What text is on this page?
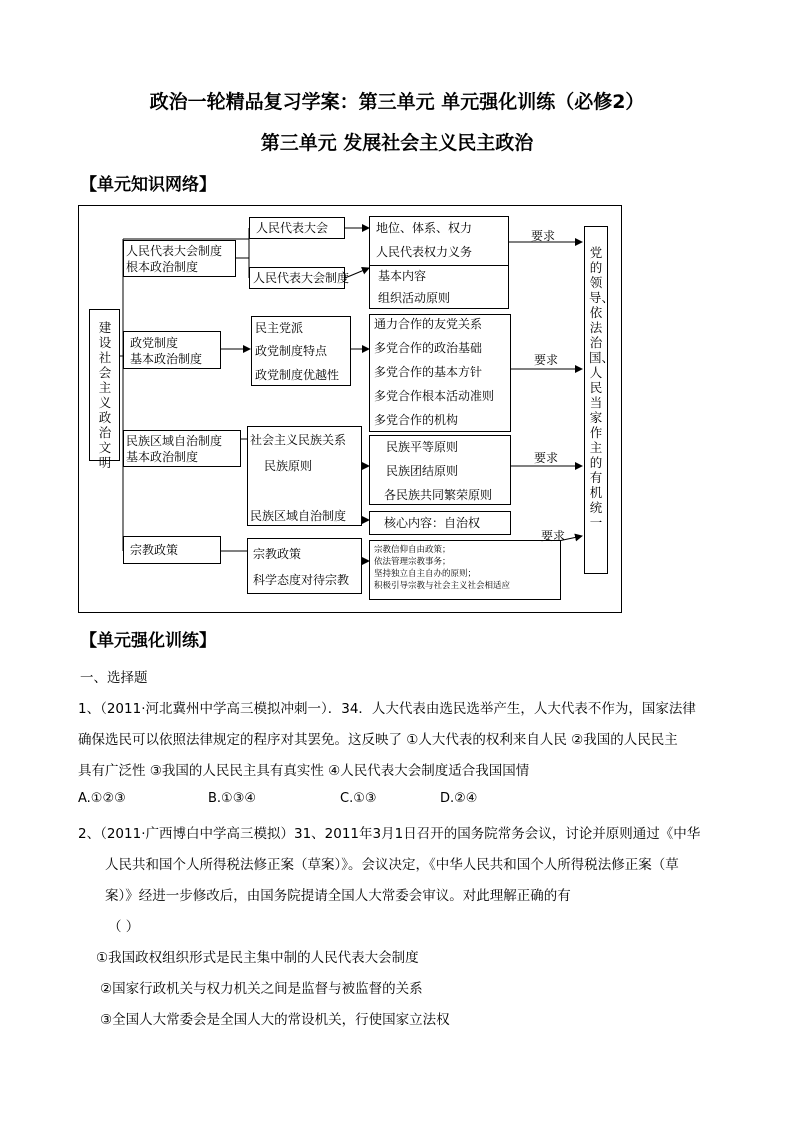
政治一轮精品复习学案：第三单元 单元强化训练（必修2）
第三单元 发展社会主义民主政治
【单元知识网络】
建设社会主义政治文明
党的领导、依法治国、人民当家作主的有机统一
人民代表大会制度
根本政治制度
人民代表大会
人民代表大会制度
地位、体系、权力
人民代表权力义务
基本内容
组织活动原则
要求
政党制度
基本政治制度
民主党派
政党制度特点
政党制度优越性
通力合作的友党关系
多党合作的政治基础
多党合作的基本方针
多党合作根本活动准则
多党合作的机构
要求
民族区域自治制度
基本政治制度
社会主义民族关系
民族原则
民族区域自治制度
民族平等原则
民族团结原则
各民族共同繁荣原则
核心内容：自治权
要求
宗教政策	宗教政策
科学态度对待宗教
宗教信仰自由政策；
依法管理宗教事务；
坚持独立自主自办的原则；
积极引导宗教与社会主义社会相适应
要求
【单元强化训练】
一、选择题
1、（2011·河北冀州中学高三模拟冲刺一）．34．人大代表由选民选举产生，人大代表不作为，国家法律
确保选民可以依照法律规定的程序对其罢免。这反映了 ①人大代表的权利来自人民 ②我国的人民民主
具有广泛性 ③我国的人民民主具有真实性 ④人民代表大会制度适合我国国情
A.①②③	B.①③④	C.①③	D.②④
2、（2011·广西博白中学高三模拟）31、2011年3月1日召开的国务院常务会议，讨论并原则通过《中华
人民共和国个人所得税法修正案（草案）》。会议决定，《中华人民共和国个人所得税法修正案（草
案）》经进一步修改后，由国务院提请全国人大常委会审议。对此理解正确的有
（ ）
①我国政权组织形式是民主集中制的人民代表大会制度
②国家行政机关与权力机关之间是监督与被监督的关系
③全国人大常委会是全国人大的常设机关，行使国家立法权
